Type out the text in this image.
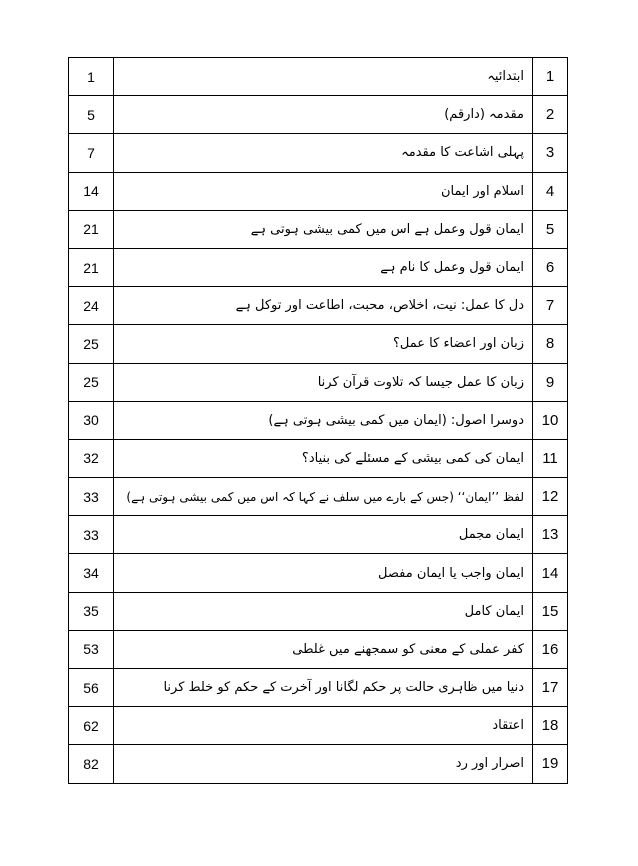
1	ابتدائیہ	1
5	مقدمہ (دارقم)	2
7	پہلی اشاعت کا مقدمہ	3
14	اسلام اور ایمان	4
21	ایمان قول وعمل ہے اس میں کمی بیشی ہوتی ہے	5
21	ایمان قول وعمل کا نام ہے	6
24	دل کا عمل: نیت، اخلاص، محبت، اطاعت اور توکل ہے	7
25	زبان اور اعضاء کا عمل؟	8
25	زبان کا عمل جیسا کہ تلاوت قرآن کرنا	9
30	دوسرا اصول: (ایمان میں کمی بیشی ہوتی ہے)	10
32	ایمان کی کمی بیشی کے مسئلے کی بنیاد؟	11
33	لفظ ’’ایمان‘‘ (جس کے بارے میں سلف نے کہا کہ اس میں کمی بیشی ہوتی ہے)	12
33	ایمان مجمل	13
34	ایمان واجب یا ایمان مفصل	14
35	ایمان کامل	15
53	کفر عملی کے معنی کو سمجھنے میں غلطی	16
56	دنیا میں ظاہری حالت پر حکم لگانا اور آخرت کے حکم کو خلط کرنا	17
62	اعتقاد	18
82	اصرار اور رد	19
